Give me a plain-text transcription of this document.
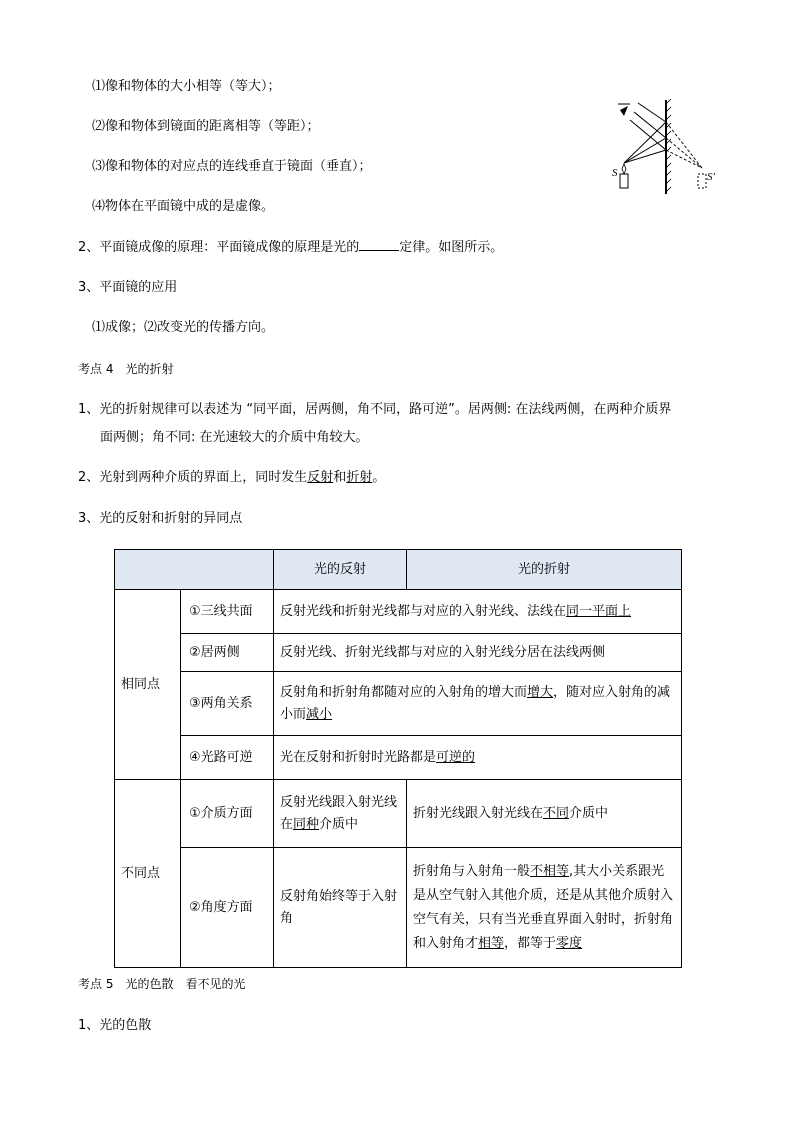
⑴像和物体的大小相等（等大）；
⑵像和物体到镜面的距离相等（等距）；
⑶像和物体的对应点的连线垂直于镜面（垂直）；
⑷物体在平面镜中成的是虚像。
2、平面镜成像的原理：平面镜成像的原理是光的	定律。如图所示。
3、平面镜的应用
⑴成像；⑵改变光的传播方向。
考点 4　光的折射
1、光的折射规律可以表述为 “同平面，居两侧，角不同，路可逆”。居两侧: 在法线两侧，在两种介质界
面两侧；角不同: 在光速较大的介质中角较大。
2、光射到两种介质的界面上，同时发生反射和折射。
3、光的反射和折射的异同点
S	S'
		光的反射	光的折射
相同点	①三线共面	反射光线和折射光线都与对应的入射光线、法线在同一平面上	
	②居两侧	反射光线、折射光线都与对应的入射光线分居在法线两侧	
	③两角关系	反射角和折射角都随对应的入射角的增大而增大，随对应入射角的减小而减小	
	④光路可逆	光在反射和折射时光路都是可逆的	
不同点	①介质方面	反射光线跟入射光线在同种介质中	折射光线跟入射光线在不同介质中
	②角度方面	反射角始终等于入射角	折射角与入射角一般不相等,其大小关系跟光是从空气射入其他介质，还是从其他介质射入空气有关，只有当光垂直界面入射时，折射角和入射角才相等，都等于零度
考点 5　光的色散　看不见的光
1、光的色散
